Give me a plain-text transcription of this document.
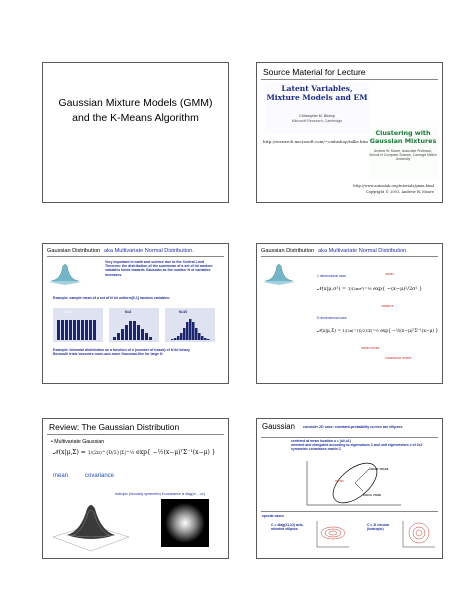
Gaussian Mixture Models (GMM)
and the K-Means Algorithm
Source Material for Lecture
Latent Variables, Mixture Models and EM
Christopher M. Bishop
Microsoft Research, Cambridge
http://research.microsoft.com/~cmbishop/talks.htm
Clustering with Gaussian Mixtures
Andrew W. Moore, Associate Professor, School of Computer Science, Carnegie Mellon University
http://www.autonlab.org/tutorials/gmm.html
Copyright © 2001, Andrew W. Moore
Gaussian Distribution aka Multivariate Normal Distribution.
Very important in math and science due to the Central Limit Theorem: the distribution of the sum/mean of a set of iid random variables tends towards Gaussian as the number N of variables increases.
Example: sample mean of a set of N iid uniform[0,1] random variables:
N=1	N=2	N=10
Example: binomial distribution as a function of n (number of heads) of N iid binary Bernoulli trials becomes more-and-more Gaussian-like for large N
Gaussian Distribution aka Multivariate Normal Distribution.
1 dimensional case	mean
𝒩(x|μ,σ²) = 1/(2πσ²)^½ exp{ −(x−μ)²/2σ² }
variance
D dimensional case
𝒩(x|μ,Σ) = 1/(2π)^{D/2}|Σ|^½ exp{ −½(x−μ)ᵀΣ⁻¹(x−μ) }
mean vector
covariance matrix
Review: The Gaussian Distribution
• Multivariate Gaussian
𝒩(x|μ,Σ) = 1/(2π)^{D/2}|Σ|^½ exp{ −½(x−μ)ᵀΣ⁻¹(x−μ) }
mean	covariance
Isotropic (circularly symmetric) if covariance is diag(σ²,...,σ²)
Gaussian consider 2D case: constant-probability curves are ellipses
centered at mean location u = (u0,u1)
oriented and elongated according to eigenvalues λ and unit eigenvectors v of 2x2 symmetric covariance matrix C
λmax vmax
mean
λmin vmin
special cases
C = diag(λ1,λ2) axis-oriented ellipses
C = λI circular (isotropic)
